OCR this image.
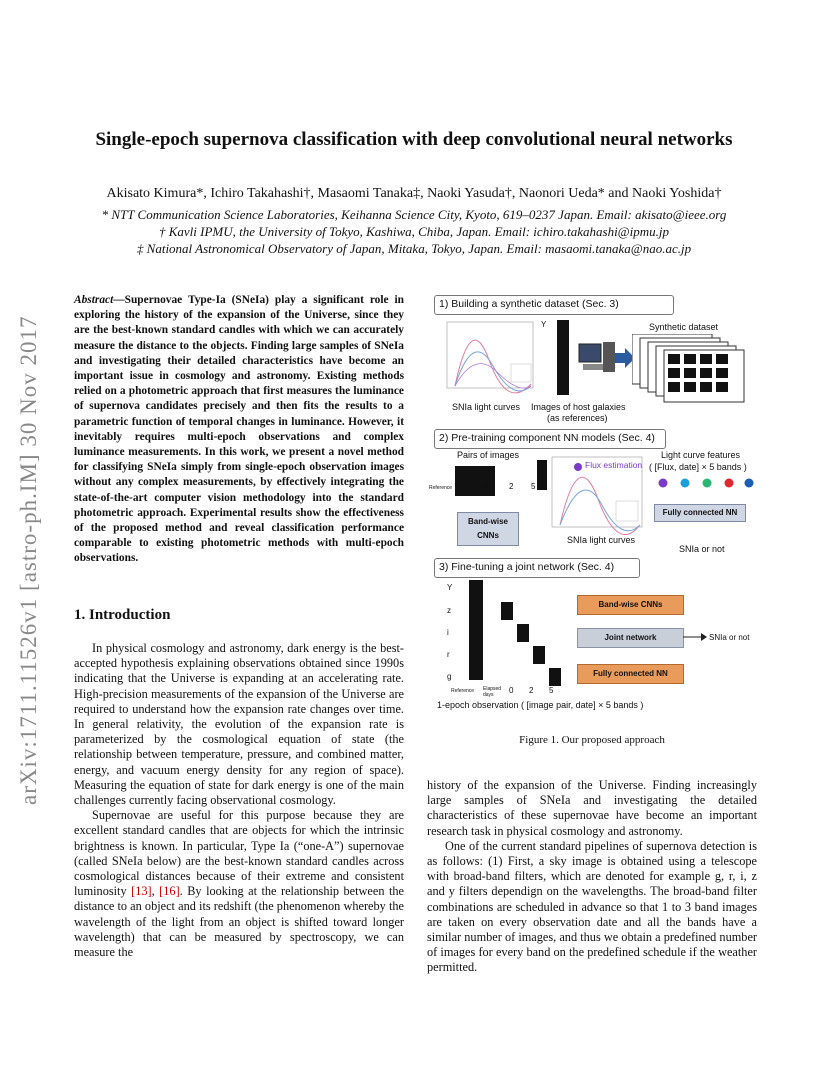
arXiv:1711.11526v1 [astro-ph.IM] 30 Nov 2017
Single-epoch supernova classification with deep convolutional neural networks
Akisato Kimura*, Ichiro Takahashi†, Masaomi Tanaka‡, Naoki Yasuda†, Naonori Ueda* and Naoki Yoshida†
* NTT Communication Science Laboratories, Keihanna Science City, Kyoto, 619–0237 Japan. Email: akisato@ieee.org
† Kavli IPMU, the University of Tokyo, Kashiwa, Chiba, Japan. Email: ichiro.takahashi@ipmu.jp
‡ National Astronomical Observatory of Japan, Mitaka, Tokyo, Japan. Email: masaomi.tanaka@nao.ac.jp
Abstract—Supernovae Type-Ia (SNeIa) play a significant role in exploring the history of the expansion of the Universe, since they are the best-known standard candles with which we can accurately measure the distance to the objects. Finding large samples of SNeIa and investigating their detailed characteristics have become an important issue in cosmology and astronomy. Existing methods relied on a photometric approach that first measures the luminance of supernova candidates precisely and then fits the results to a parametric function of temporal changes in luminance. However, it inevitably requires multi-epoch observations and complex luminance measurements. In this work, we present a novel method for classifying SNeIa simply from single-epoch observation images without any complex measurements, by effectively integrating the state-of-the-art computer vision methodology into the standard photometric approach. Experimental results show the effectiveness of the proposed method and reveal classification performance comparable to existing photometric methods with multi-epoch observations.
1. Introduction

In physical cosmology and astronomy, dark energy is the best-accepted hypothesis explaining observations obtained since 1990s indicating that the Universe is expanding at an accelerating rate. High-precision measurements of the expansion of the Universe are required to understand how the expansion rate changes over time. In general relativity, the evolution of the expansion rate is parameterized by the cosmological equation of state (the relationship between temperature, pressure, and combined matter, energy, and vacuum energy density for any region of space). Measuring the equation of state for dark energy is one of the main challenges currently facing observational cosmology.

Supernovae are useful for this purpose because they are excellent standard candles that are objects for which the intrinsic brightness is known. In particular, Type Ia (“one-A”) supernovae (called SNeIa below) are the best-known standard candles across cosmological distances because of their extreme and consistent luminosity [13], [16]. By looking at the relationship between the distance to an object and its redshift (the phenomenon whereby the wavelength of the light from an object is shifted toward longer wavelength) that can be measured by spectroscopy, we can measure the

history of the expansion of the Universe. Finding increasingly large samples of SNeIa and investigating the detailed characteristics of these supernovae have become an important research task in physical cosmology and astronomy.

One of the current standard pipelines of supernova detection is as follows: (1) First, a sky image is obtained using a telescope with broad-band filters, which are denoted for example g, r, i, z and y filters dependign on the wavelengths. The broad-band filter combinations are scheduled in advance so that 1 to 3 band images are taken on every observation date and all the bands have a similar number of images, and thus we obtain a predefined number of images for every band on the predefined schedule if the weather permitted.

1) Building a synthetic dataset (Sec. 3)
SNIa light curves
Y
Images of host galaxies
(as references)
Synthetic dataset
2) Pre-training component NN models (Sec. 4)
Pairs of images
Reference	0	2 5
Band-wise CNNs
Flux estimation
SNIa light curves
Light curve features
( [Flux, date] × 5 bands )
Fully connected NN
SNIa or not
3) Fine-tuning a joint network (Sec. 4)
Y
z
i
r
g
Reference Elapsed days	0 2 5
Band-wise CNNs
Joint network
Fully connected NN
SNIa or not
1-epoch observation ( [image pair, date] × 5 bands )
Figure 1. Our proposed approach
